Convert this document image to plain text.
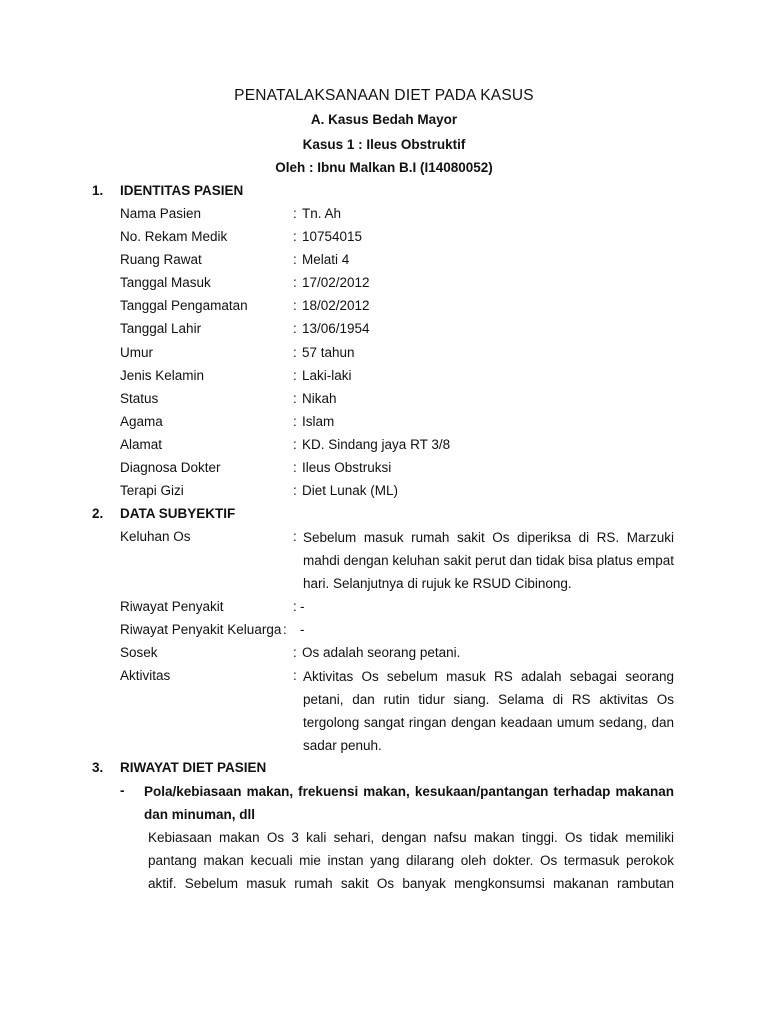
PENATALAKSANAAN DIET PADA KASUS
A. Kasus Bedah Mayor
Kasus 1 : Ileus Obstruktif
Oleh : Ibnu Malkan B.I (I14080052)
1. IDENTITAS PASIEN
Nama Pasien	: Tn. Ah
No. Rekam Medik	: 10754015
Ruang Rawat	: Melati 4
Tanggal Masuk	: 17/02/2012
Tanggal Pengamatan	: 18/02/2012
Tanggal Lahir	: 13/06/1954
Umur	: 57 tahun
Jenis Kelamin	: Laki-laki
Status	: Nikah
Agama	: Islam
Alamat	: KD. Sindang jaya RT 3/8
Diagnosa Dokter	: Ileus Obstruksi
Terapi Gizi	: Diet Lunak (ML)
2. DATA SUBYEKTIF
Keluhan Os	: Sebelum masuk rumah sakit Os diperiksa di RS. Marzuki mahdi dengan keluhan sakit perut dan tidak bisa platus empat hari. Selanjutnya di rujuk ke RSUD Cibinong.
Riwayat Penyakit	: -
Riwayat Penyakit Keluarga : -
Sosek	: Os adalah seorang petani.
Aktivitas	: Aktivitas Os sebelum masuk RS adalah sebagai seorang petani, dan rutin tidur siang. Selama di RS aktivitas Os tergolong sangat ringan dengan keadaan umum sedang, dan sadar penuh.
3. RIWAYAT DIET PASIEN
- Pola/kebiasaan makan, frekuensi makan, kesukaan/pantangan terhadap makanan dan minuman, dll
Kebiasaan makan Os 3 kali sehari, dengan nafsu makan tinggi. Os tidak memiliki pantang makan kecuali mie instan yang dilarang oleh dokter. Os termasuk perokok aktif. Sebelum masuk rumah sakit Os banyak mengkonsumsi makanan rambutan
